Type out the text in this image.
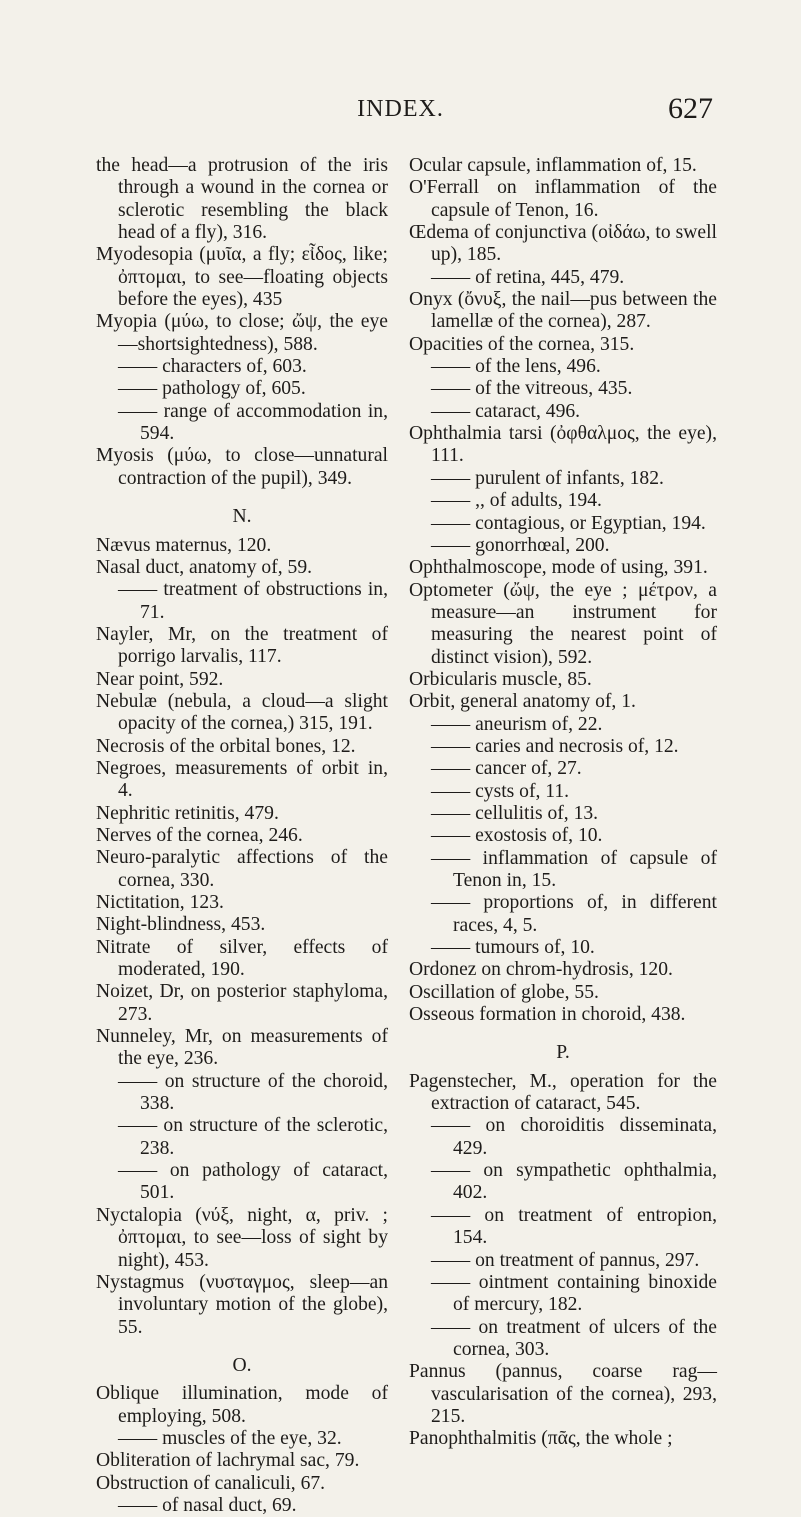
INDEX.	627

the head—a protrusion of the iris through a wound in the cornea or sclerotic resembling the black head of a fly), 316.

Myodesopia (μυῖα, a fly; εἶδος, like; ὀπτομαι, to see—floating objects before the eyes), 435

Myopia (μύω, to close; ὤψ, the eye—shortsightedness), 588.

—— characters of, 603.

—— pathology of, 605.

—— range of accommodation in, 594.

Myosis (μύω, to close—unnatural contraction of the pupil), 349.

N.

Nævus maternus, 120.

Nasal duct, anatomy of, 59.

—— treatment of obstructions in, 71.

Nayler, Mr, on the treatment of porrigo larvalis, 117.

Near point, 592.

Nebulæ (nebula, a cloud—a slight opacity of the cornea,) 315, 191.

Necrosis of the orbital bones, 12.

Negroes, measurements of orbit in, 4.

Nephritic retinitis, 479.

Nerves of the cornea, 246.

Neuro-paralytic affections of the cornea, 330.

Nictitation, 123.

Night-blindness, 453.

Nitrate of silver, effects of moderated, 190.

Noizet, Dr, on posterior staphyloma, 273.

Nunneley, Mr, on measurements of the eye, 236.

—— on structure of the choroid, 338.

—— on structure of the sclerotic, 238.

—— on pathology of cataract, 501.

Nyctalopia (νύξ, night, α, priv. ; ὀπτομαι, to see—loss of sight by night), 453.

Nystagmus (νυσταγμος, sleep—an involuntary motion of the globe), 55.

O.

Oblique illumination, mode of employing, 508.

—— muscles of the eye, 32.

Obliteration of lachrymal sac, 79.

Obstruction of canaliculi, 67.

—— of nasal duct, 69.

Ocular capsule, inflammation of, 15.

O'Ferrall on inflammation of the capsule of Tenon, 16.

Œdema of conjunctiva (οἰδάω, to swell up), 185.

—— of retina, 445, 479.

Onyx (ὄνυξ, the nail—pus between the lamellæ of the cornea), 287.

Opacities of the cornea, 315.

—— of the lens, 496.

—— of the vitreous, 435.

—— cataract, 496.

Ophthalmia tarsi (ὀφθαλμος, the eye), 111.

—— purulent of infants, 182.

—— ,, of adults, 194.

—— contagious, or Egyptian, 194.

—— gonorrhœal, 200.

Ophthalmoscope, mode of using, 391.

Optometer (ὤψ, the eye ; μέτρον, a measure—an instrument for measuring the nearest point of distinct vision), 592.

Orbicularis muscle, 85.

Orbit, general anatomy of, 1.

—— aneurism of, 22.

—— caries and necrosis of, 12.

—— cancer of, 27.

—— cysts of, 11.

—— cellulitis of, 13.

—— exostosis of, 10.

—— inflammation of capsule of Tenon in, 15.

—— proportions of, in different races, 4, 5.

—— tumours of, 10.

Ordonez on chrom-hydrosis, 120.

Oscillation of globe, 55.

Osseous formation in choroid, 438.

P.

Pagenstecher, M., operation for the extraction of cataract, 545.

—— on choroiditis disseminata, 429.

—— on sympathetic ophthalmia, 402.

—— on treatment of entropion, 154.

—— on treatment of pannus, 297.

—— ointment containing binoxide of mercury, 182.

—— on treatment of ulcers of the cornea, 303.

Pannus (pannus, coarse rag—vascularisation of the cornea), 293, 215.

Panophthalmitis (πᾶς, the whole ;
